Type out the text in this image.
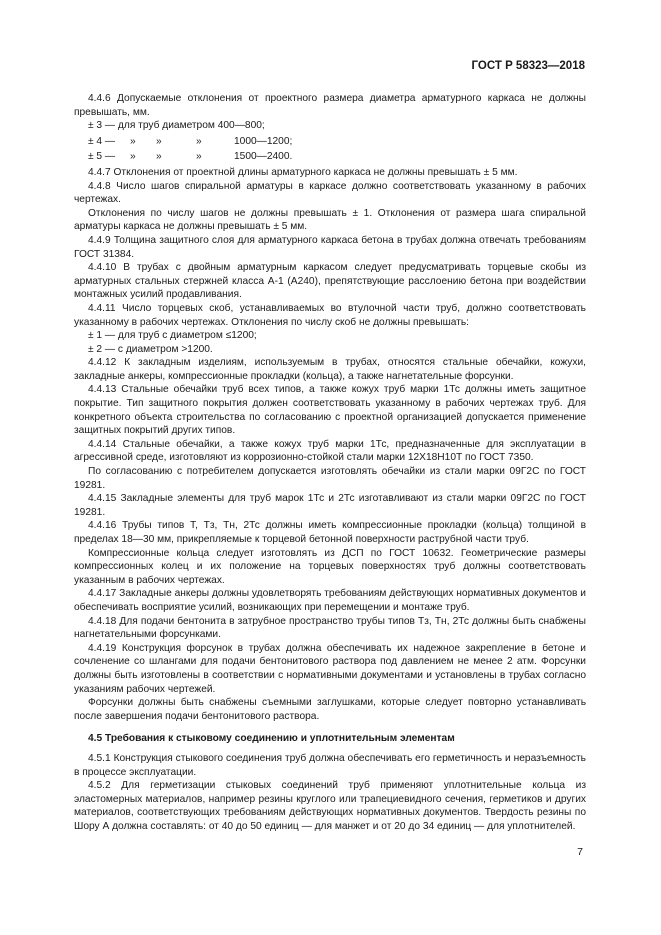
ГОСТ Р 58323—2018

4.4.6 Допускаемые отклонения от проектного размера диаметра арматурного каркаса не должны превышать, мм.

± 3 — для труб диаметром 400—800;
± 4 —	»	»	»	1000—1200;
± 5 —	»	»	»	1500—2400.

4.4.7 Отклонения от проектной длины арматурного каркаса не должны превышать ± 5 мм.

4.4.8 Число шагов спиральной арматуры в каркасе должно соответствовать указанному в рабочих чертежах.

Отклонения по числу шагов не должны превышать ± 1. Отклонения от размера шага спиральной арматуры каркаса не должны превышать ± 5 мм.

4.4.9 Толщина защитного слоя для арматурного каркаса бетона в трубах должна отвечать требованиям ГОСТ 31384.

4.4.10 В трубах с двойным арматурным каркасом следует предусматривать торцевые скобы из арматурных стальных стержней класса А-1 (А240), препятствующие расслоению бетона при воздействии монтажных усилий продавливания.

4.4.11 Число торцевых скоб, устанавливаемых во втулочной части труб, должно соответствовать указанному в рабочих чертежах. Отклонения по числу скоб не должны превышать:

± 1 — для труб с диаметром ≤1200;

± 2 — с диаметром >1200.

4.4.12 К закладным изделиям, используемым в трубах, относятся стальные обечайки, кожухи, закладные анкеры, компрессионные прокладки (кольца), а также нагнетательные форсунки.

4.4.13 Стальные обечайки труб всех типов, а также кожух труб марки 1Тс должны иметь защитное покрытие. Тип защитного покрытия должен соответствовать указанному в рабочих чертежах труб. Для конкретного объекта строительства по согласованию с проектной организацией допускается применение защитных покрытий других типов.

4.4.14 Стальные обечайки, а также кожух труб марки 1Тс, предназначенные для эксплуатации в агрессивной среде, изготовляют из коррозионно-стойкой стали марки 12Х18Н10Т по ГОСТ 7350.

По согласованию с потребителем допускается изготовлять обечайки из стали марки 09Г2С по ГОСТ 19281.

4.4.15 Закладные элементы для труб марок 1Тс и 2Тс изготавливают из стали марки 09Г2С по ГОСТ 19281.

4.4.16 Трубы типов Т, Тз, Тн, 2Тс должны иметь компрессионные прокладки (кольца) толщиной в пределах 18—30 мм, прикрепляемые к торцевой бетонной поверхности раструбной части труб.

Компрессионные кольца следует изготовлять из ДСП по ГОСТ 10632. Геометрические размеры компрессионных колец и их положение на торцевых поверхностях труб должны соответствовать указанным в рабочих чертежах.

4.4.17 Закладные анкеры должны удовлетворять требованиям действующих нормативных документов и обеспечивать восприятие усилий, возникающих при перемещении и монтаже труб.

4.4.18 Для подачи бентонита в затрубное пространство трубы типов Тз, Тн, 2Тс должны быть снабжены нагнетательными форсунками.

4.4.19 Конструкция форсунок в трубах должна обеспечивать их надежное закрепление в бетоне и сочленение со шлангами для подачи бентонитового раствора под давлением не менее 2 атм. Форсунки должны быть изготовлены в соответствии с нормативными документами и установлены в трубах согласно указаниям рабочих чертежей.

Форсунки должны быть снабжены съемными заглушками, которые следует повторно устанавливать после завершения подачи бентонитового раствора.

4.5 Требования к стыковому соединению и уплотнительным элементам

4.5.1 Конструкция стыкового соединения труб должна обеспечивать его герметичность и неразъемность в процессе эксплуатации.

4.5.2 Для герметизации стыковых соединений труб применяют уплотнительные кольца из эластомерных материалов, например резины круглого или трапециевидного сечения, герметиков и других материалов, соответствующих требованиям действующих нормативных документов. Твердость резины по Шору А должна составлять: от 40 до 50 единиц — для манжет и от 20 до 34 единиц — для уплотнителей.

7
